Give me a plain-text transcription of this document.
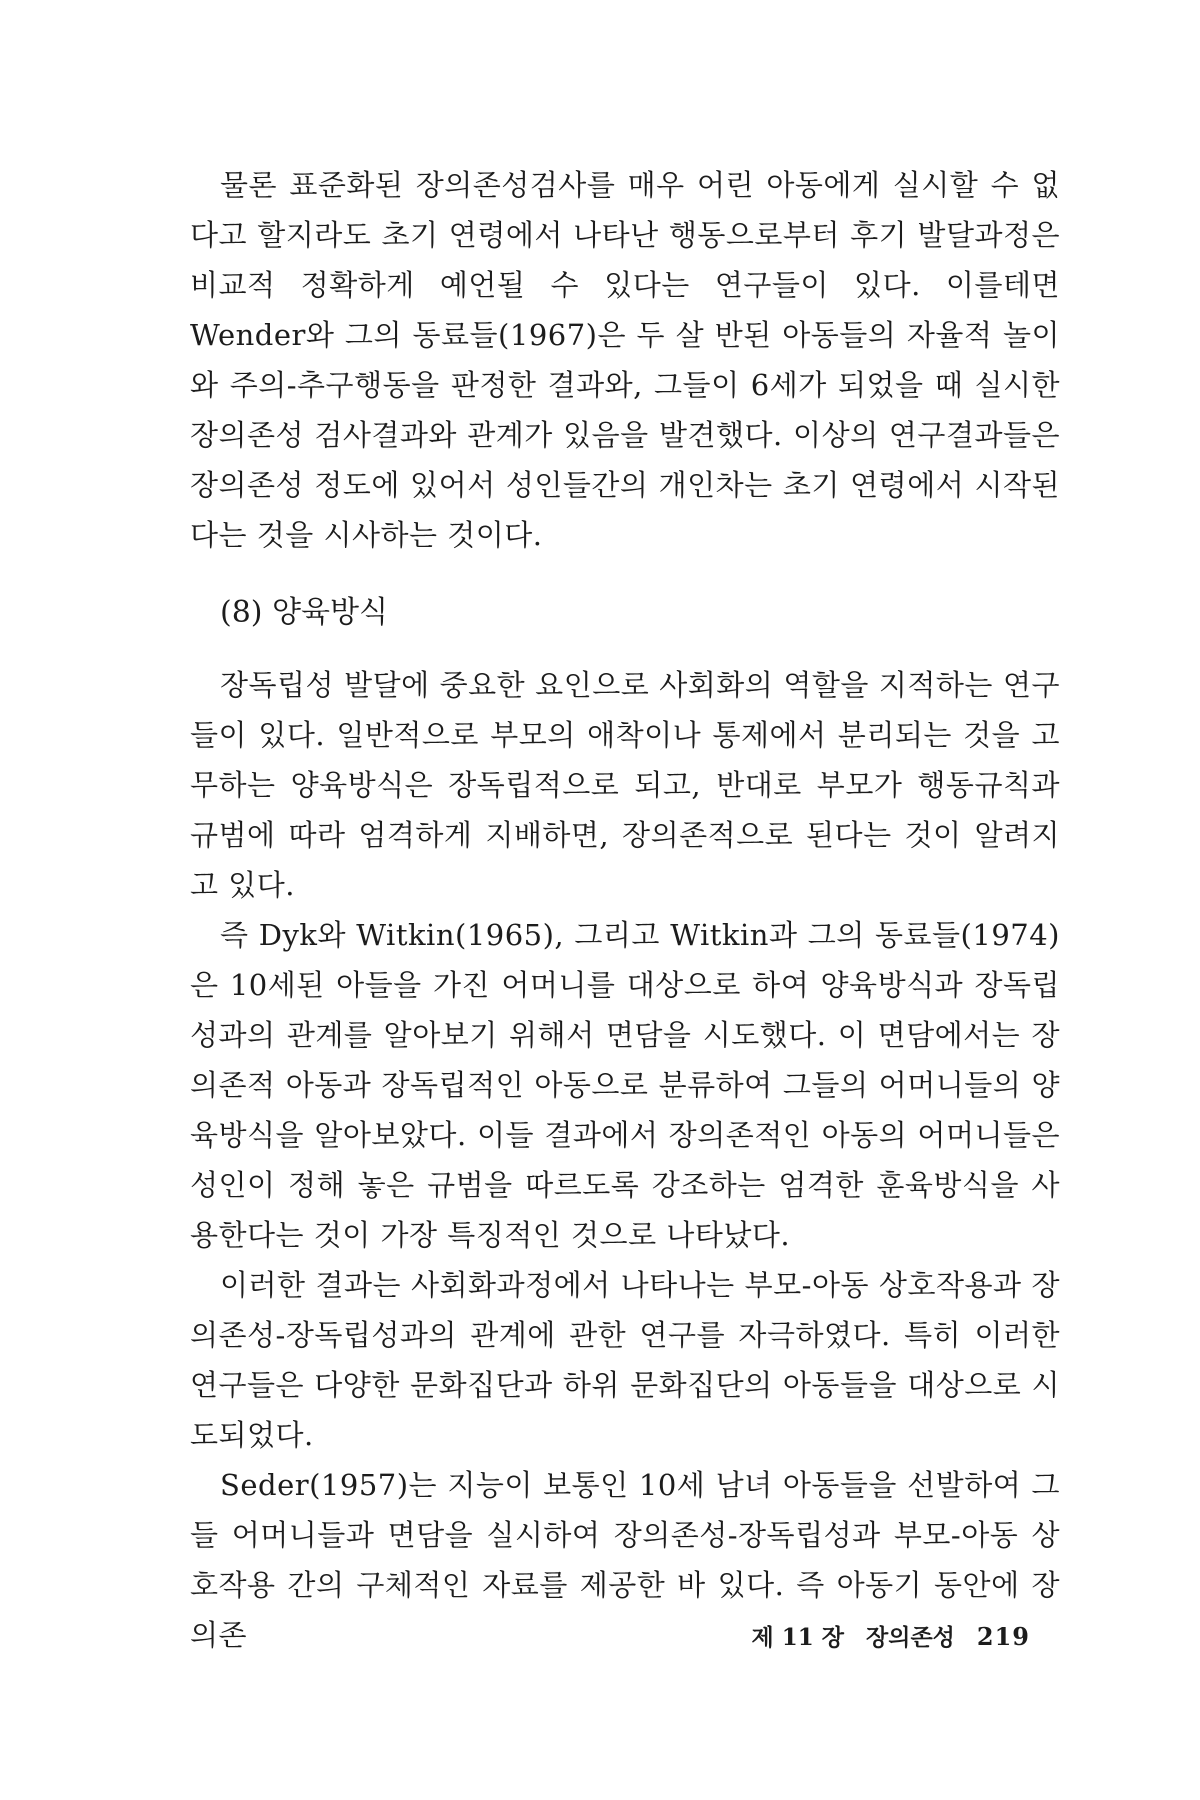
물론 표준화된 장의존성검사를 매우 어린 아동에게 실시할 수 없다고 할지라도 초기 연령에서 나타난 행동으로부터 후기 발달과정은 비교적 정확하게 예언될 수 있다는 연구들이 있다. 이를테면 Wender와 그의 동료들(1967)은 두 살 반된 아동들의 자율적 놀이와 주의-추구행동을 판정한 결과와, 그들이 6세가 되었을 때 실시한 장의존성 검사결과와 관계가 있음을 발견했다. 이상의 연구결과들은 장의존성 정도에 있어서 성인들간의 개인차는 초기 연령에서 시작된다는 것을 시사하는 것이다.

(8) 양육방식

장독립성 발달에 중요한 요인으로 사회화의 역할을 지적하는 연구들이 있다. 일반적으로 부모의 애착이나 통제에서 분리되는 것을 고무하는 양육방식은 장독립적으로 되고, 반대로 부모가 행동규칙과 규범에 따라 엄격하게 지배하면, 장의존적으로 된다는 것이 알려지고 있다.

즉 Dyk와 Witkin(1965), 그리고 Witkin과 그의 동료들(1974)은 10세된 아들을 가진 어머니를 대상으로 하여 양육방식과 장독립성과의 관계를 알아보기 위해서 면담을 시도했다. 이 면담에서는 장의존적 아동과 장독립적인 아동으로 분류하여 그들의 어머니들의 양육방식을 알아보았다. 이들 결과에서 장의존적인 아동의 어머니들은 성인이 정해 놓은 규범을 따르도록 강조하는 엄격한 훈육방식을 사용한다는 것이 가장 특징적인 것으로 나타났다.

이러한 결과는 사회화과정에서 나타나는 부모-아동 상호작용과 장의존성-장독립성과의 관계에 관한 연구를 자극하였다. 특히 이러한 연구들은 다양한 문화집단과 하위 문화집단의 아동들을 대상으로 시도되었다.

Seder(1957)는 지능이 보통인 10세 남녀 아동들을 선발하여 그들 어머니들과 면담을 실시하여 장의존성-장독립성과 부모-아동 상호작용 간의 구체적인 자료를 제공한 바 있다. 즉 아동기 동안에 장의존	제 11 장 장의존성 219
